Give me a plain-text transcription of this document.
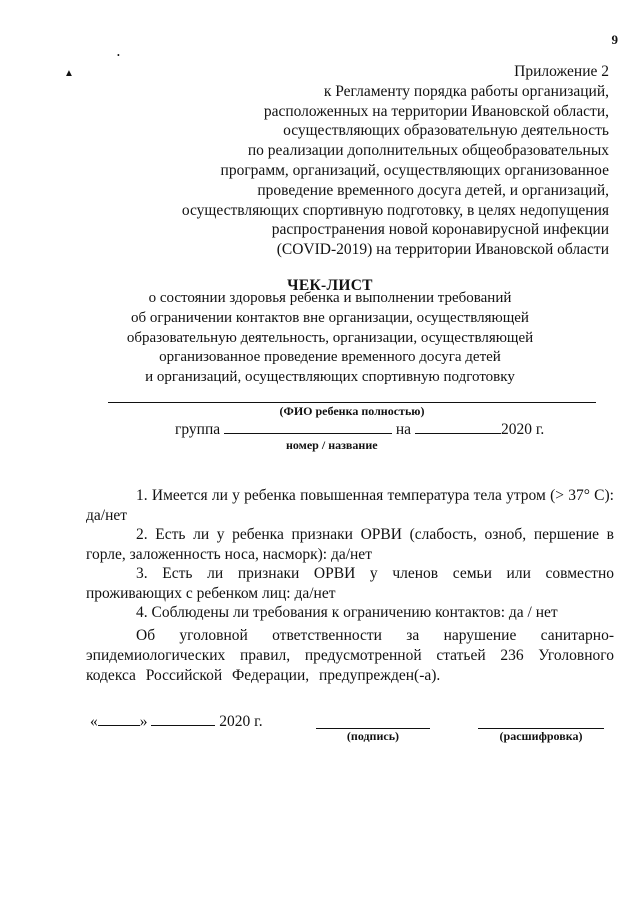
9
•
▲	Приложение 2
к Регламенту порядка работы организаций,
расположенных на территории Ивановской области,
осуществляющих образовательную деятельность
по реализации дополнительных общеобразовательных
программ, организаций, осуществляющих организованное
проведение временного досуга детей, и организаций,
осуществляющих спортивную подготовку, в целях недопущения
распространения новой коронавирусной инфекции
(COVID-2019) на территории Ивановской области
ЧЕК-ЛИСТ
о состоянии здоровья ребенка и выполнении требований
об ограничении контактов вне организации, осуществляющей
образовательную деятельность, организации, осуществляющей
организованное проведение временного досуга детей
и организаций, осуществляющих спортивную подготовку
(ФИО ребенка полностью)
группа	на	2020 г.
номер / название

1. Имеется ли у ребенка повышенная температура тела утром (> 37° С): да/нет

2. Есть ли у ребенка признаки ОРВИ (слабость, озноб, першение в горле, заложенность носа, насморк): да/нет

3. Есть ли признаки ОРВИ у членов семьи или совместно проживающих с ребенком лиц: да/нет

4. Соблюдены ли требования к ограничению контактов: да / нет

Об уголовной ответственности за нарушение санитарно-эпидемиологических правил, предусмотренной статьей 236 Уголовного кодекса Российской Федерации, предупрежден(-а).
«	»	2020 г.
(подпись)	(расшифровка)
